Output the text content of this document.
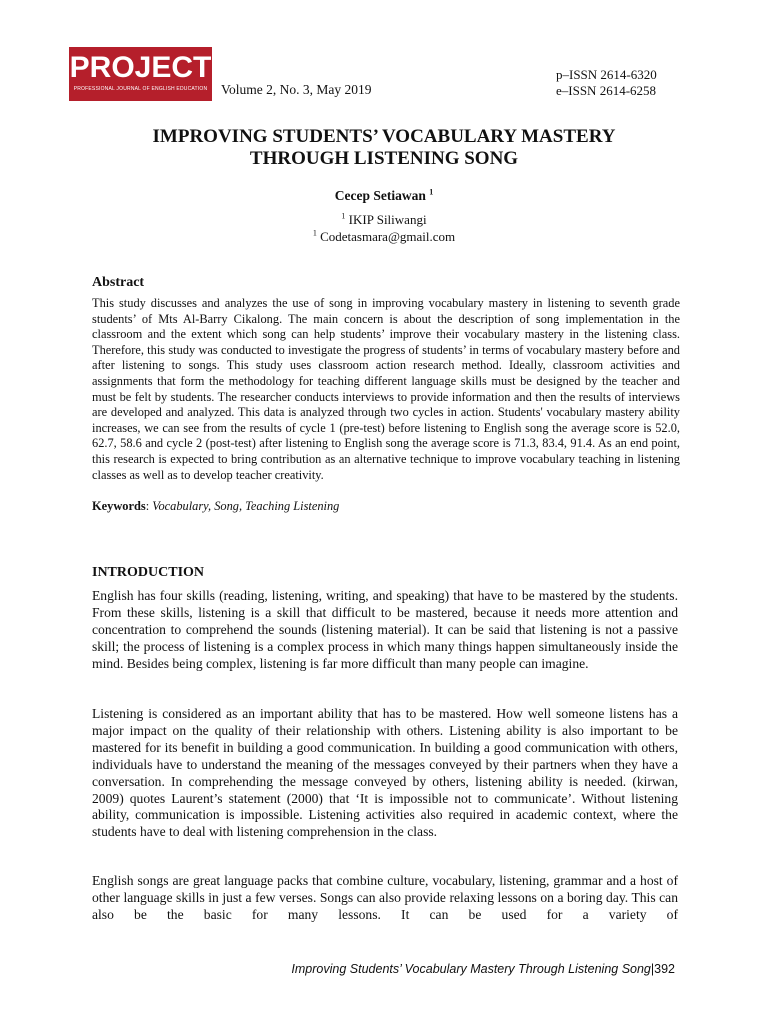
PROJECT
PROFESSIONAL JOURNAL OF ENGLISH EDUCATION	Volume 2, No. 3, May 2019
p–ISSN 2614-6320
e–ISSN 2614-6258
IMPROVING STUDENTS’ VOCABULARY MASTERY
THROUGH LISTENING SONG
Cecep Setiawan $^1$
$^1$ IKIP Siliwangi
$^1$ Codetasmara@gmail.com
Abstract

This study discusses and analyzes the use of song in improving vocabulary mastery in listening to seventh grade students’ of Mts Al-Barry Cikalong. The main concern is about the description of song implementation in the classroom and the extent which song can help students’ improve their vocabulary mastery in the listening class. Therefore, this study was conducted to investigate the progress of students’ in terms of vocabulary mastery before and after listening to songs. This study uses classroom action research method. Ideally, classroom activities and assignments that form the methodology for teaching different language skills must be designed by the teacher and must be felt by students. The researcher conducts interviews to provide information and then the results of interviews are developed and analyzed. This data is analyzed through two cycles in action. Students' vocabulary mastery ability increases, we can see from the results of cycle 1 (pre-test) before listening to English song the average score is 52.0, 62.7, 58.6 and cycle 2 (post-test) after listening to English song the average score is 71.3, 83.4, 91.4. As an end point, this research is expected to bring contribution as an alternative technique to improve vocabulary teaching in listening classes as well as to develop teacher creativity.

Keywords: Vocabulary, Song, Teaching Listening
INTRODUCTION

English has four skills (reading, listening, writing, and speaking) that have to be mastered by the students. From these skills, listening is a skill that difficult to be mastered, because it needs more attention and concentration to comprehend the sounds (listening material). It can be said that listening is not a passive skill; the process of listening is a complex process in which many things happen simultaneously inside the mind. Besides being complex, listening is far more difficult than many people can imagine.

Listening is considered as an important ability that has to be mastered. How well someone listens has a major impact on the quality of their relationship with others. Listening ability is also important to be mastered for its benefit in building a good communication. In building a good communication with others, individuals have to understand the meaning of the messages conveyed by their partners when they have a conversation. In comprehending the message conveyed by others, listening ability is needed. (kirwan, 2009) quotes Laurent’s statement (2000) that ‘It is impossible not to communicate’. Without listening ability, communication is impossible. Listening activities also required in academic context, where the students have to deal with listening comprehension in the class.

English songs are great language packs that combine culture, vocabulary, listening, grammar and a host of other language skills in just a few verses. Songs can also provide relaxing lessons on a boring day. This can also be the basic for many lessons. It can be used for a variety of

Improving Students’ Vocabulary Mastery Through Listening Song|392
